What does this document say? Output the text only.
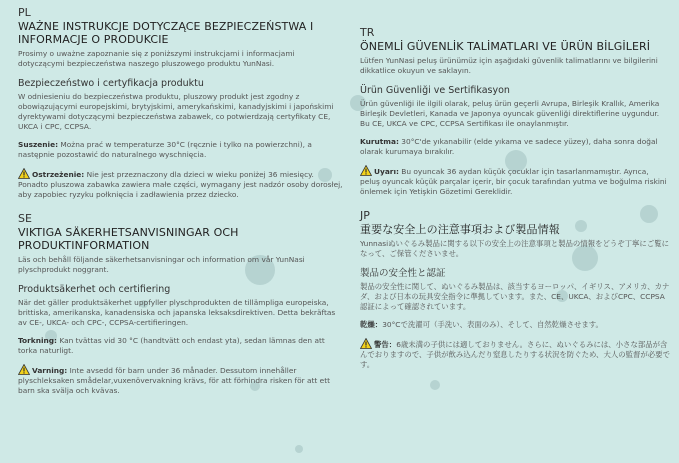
PL

WAŻNE INSTRUKCJE DOTYCZĄCE BEZPIECZEŃSTWA I INFORMACJE O PRODUKCIE

Prosimy o uważne zapoznanie się z poniższymi instrukcjami i informacjami dotyczącymi bezpieczeństwa naszego pluszowego produktu YunNasi.

Bezpieczeństwo i certyfikacja produktu

W odniesieniu do bezpieczeństwa produktu, pluszowy produkt jest zgodny z obowiązującymi europejskimi, brytyjskimi, amerykańskimi, kanadyjskimi i japońskimi dyrektywami dotyczącymi bezpieczeństwa zabawek, co potwierdzają certyfikaty CE, UKCA i CPC, CCPSA.

Suszenie: Można prać w temperaturze 30°C (ręcznie i tylko na powierzchni), a następnie pozostawić do naturalnego wyschnięcia.

Ostrzeżenie: Nie jest przeznaczony dla dzieci w wieku poniżej 36 miesięcy. Ponadto pluszowa zabawka zawiera małe części, wymagany jest nadzór osoby dorosłej, aby zapobiec ryzyku połknięcia i zadławienia przez dziecko.

SE

VIKTIGA SÄKERHETSANVISNINGAR OCH PRODUKTINFORMATION

Läs och behåll följande säkerhetsanvisningar och information om vår YunNasi plyschprodukt noggrant.

Produktsäkerhet och certifiering

När det gäller produktsäkerhet uppfyller plyschprodukten de tillämpliga europeiska, brittiska, amerikanska, kanadensiska och japanska leksaksdirektiven. Detta bekräftas av CE-, UKCA- och CPC-, CCPSA-certifieringen.

Torkning: Kan tvättas vid 30 °C (handtvätt och endast yta), sedan lämnas den att torka naturligt.

Varning: Inte avsedd för barn under 36 månader. Dessutom innehåller plyschleksaken smådelar,vuxenövervakning krävs, för att förhindra risken för att ett barn ska svälja och kvävas.

TR

ÖNEMLİ GÜVENLİK TALİMATLARI VE ÜRÜN BİLGİLERİ

Lütfen YunNasi peluş ürünümüz için aşağıdaki güvenlik talimatlarını ve bilgilerini dikkatlice okuyun ve saklayın.

Ürün Güvenliği ve Sertifikasyon

Ürün güvenliği ile ilgili olarak, peluş ürün geçerli Avrupa, Birleşik Krallık, Amerika Birleşik Devletleri, Kanada ve Japonya oyuncak güvenliği direktiflerine uygundur. Bu CE, UKCA ve CPC, CCPSA Sertifikası ile onaylanmıştır.

Kurutma: 30°C'de yıkanabilir (elde yıkama ve sadece yüzey), daha sonra doğal olarak kurumaya bırakılır.

Uyarı: Bu oyuncak 36 aydan küçük çocuklar için tasarlanmamıştır. Ayrıca, peluş oyuncak küçük parçalar içerir, bir çocuk tarafından yutma ve boğulma riskini önlemek için Yetişkin Gözetimi Gereklidir.

JP

重要な安全上の注意事項および製品情報

Yunnasiぬいぐるみ製品に関する以下の安全上の注意事項と製品の情報をどうぞ丁寧にご覧になって、ご保管くださいませ。

製品の安全性と認証

製品の安全性に関して、ぬいぐるみ製品は、該当するヨーロッパ、イギリス、アメリカ、カナダ、および日本の玩具安全指令に準拠しています。また、CE、UKCA、およびCPC、CCPSA認証によって確認されています。

乾燥：30°Cで洗濯可（手洗い、表面のみ）、そして、自然乾燥させます。

警告：6歳未満の子供には適しておりません。さらに、ぬいぐるみには、小さな部品が含んでおりますので、子供が飲み込んだり窒息したりする状況を防ぐため、大人の監督が必要です。
